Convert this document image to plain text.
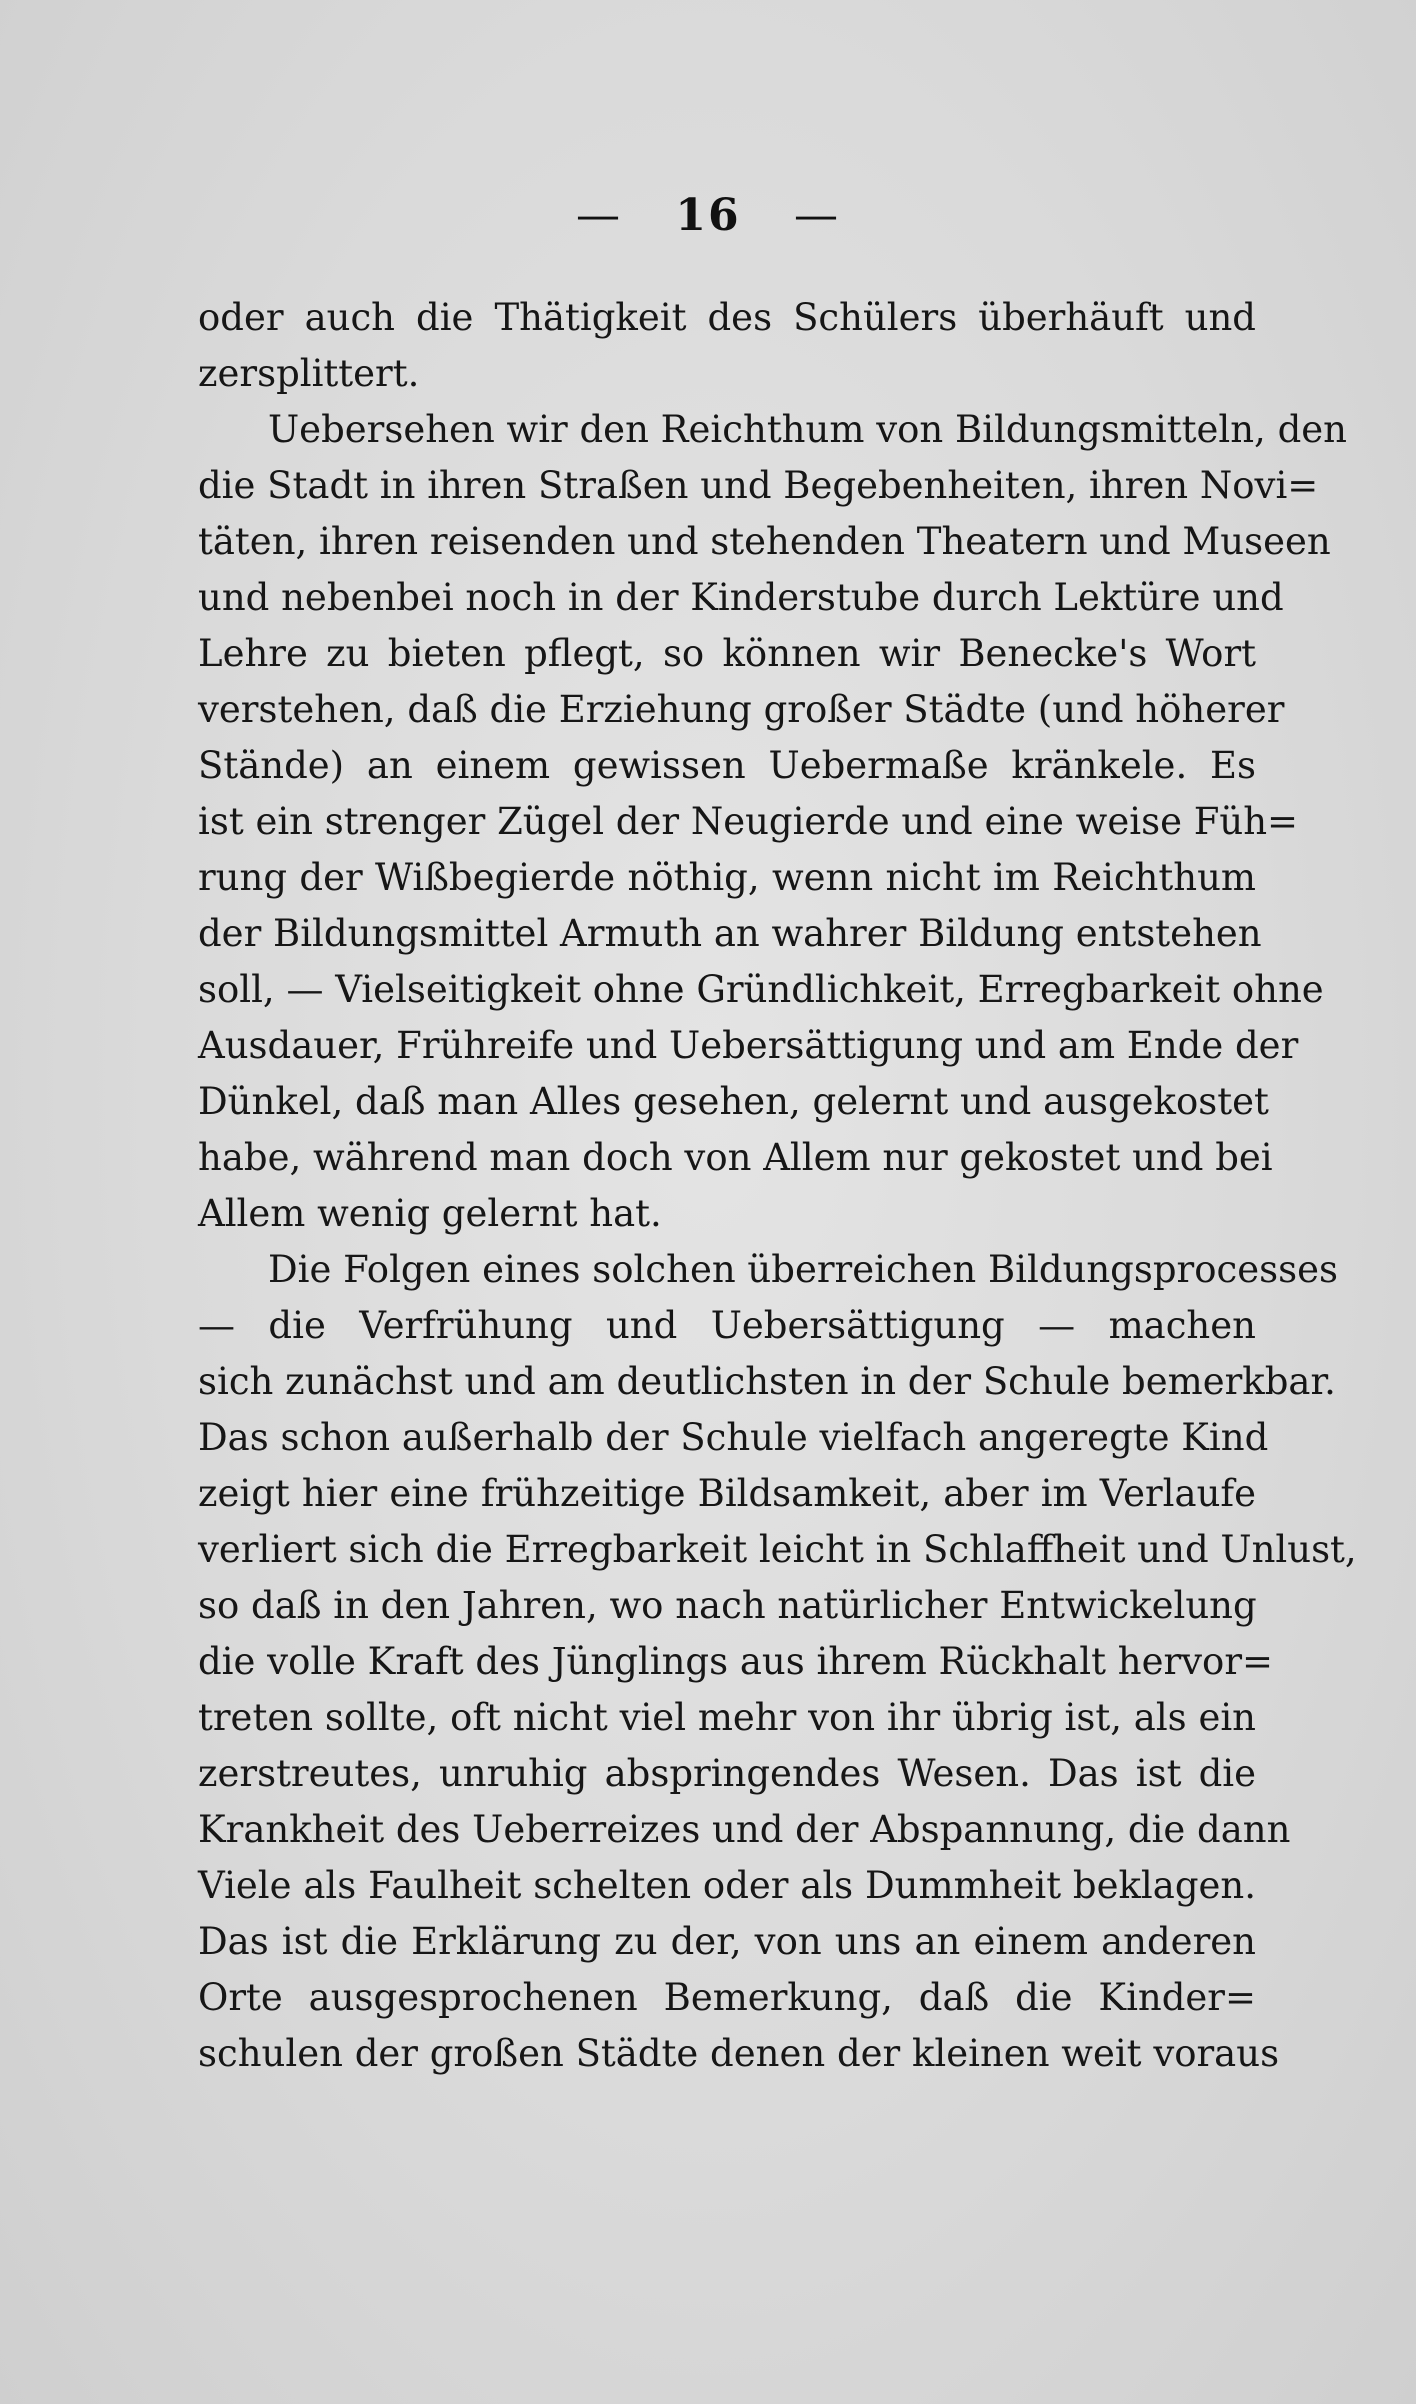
— 16 —
oder auch die Thätigkeit des Schülers überhäuft und
zersplittert.
Uebersehen wir den Reichthum von Bildungsmitteln, den
die Stadt in ihren Straßen und Begebenheiten, ihren Novi=
täten, ihren reisenden und stehenden Theatern und Museen
und nebenbei noch in der Kinderstube durch Lektüre und
Lehre zu bieten pflegt, so können wir Benecke's Wort
verstehen, daß die Erziehung großer Städte (und höherer
Stände) an einem gewissen Uebermaße kränkele. Es
ist ein strenger Zügel der Neugierde und eine weise Füh=
rung der Wißbegierde nöthig, wenn nicht im Reichthum
der Bildungsmittel Armuth an wahrer Bildung entstehen
soll, — Vielseitigkeit ohne Gründlichkeit, Erregbarkeit ohne
Ausdauer, Frühreife und Uebersättigung und am Ende der
Dünkel, daß man Alles gesehen, gelernt und ausgekostet
habe, während man doch von Allem nur gekostet und bei
Allem wenig gelernt hat.
Die Folgen eines solchen überreichen Bildungsprocesses
— die Verfrühung und Uebersättigung — machen
sich zunächst und am deutlichsten in der Schule bemerkbar.
Das schon außerhalb der Schule vielfach angeregte Kind
zeigt hier eine frühzeitige Bildsamkeit, aber im Verlaufe
verliert sich die Erregbarkeit leicht in Schlaffheit und Unlust,
so daß in den Jahren, wo nach natürlicher Entwickelung
die volle Kraft des Jünglings aus ihrem Rückhalt hervor=
treten sollte, oft nicht viel mehr von ihr übrig ist, als ein
zerstreutes, unruhig abspringendes Wesen. Das ist die
Krankheit des Ueberreizes und der Abspannung, die dann
Viele als Faulheit schelten oder als Dummheit beklagen.
Das ist die Erklärung zu der, von uns an einem anderen
Orte ausgesprochenen Bemerkung, daß die Kinder=
schulen der großen Städte denen der kleinen weit voraus
